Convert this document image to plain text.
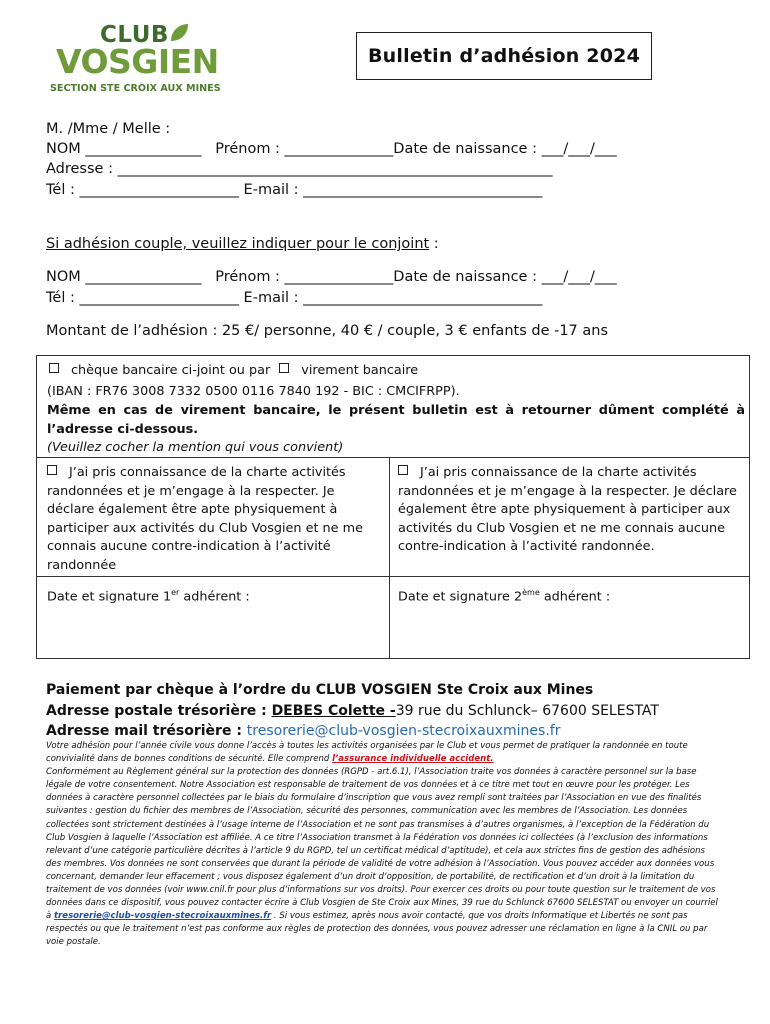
CLUB
VOSGIEN
SECTION STE CROIX AUX MINES
Bulletin d’adhésion 2024
M. /Mme / Melle :
NOM ________________   Prénom : _______________Date de naissance : ___/___/___
Adresse : ____________________________________________________________
Tél : ______________________ E-mail : _________________________________
Si adhésion couple, veuillez indiquer pour le conjoint :
NOM ________________   Prénom : _______________Date de naissance : ___/___/___
Tél : ______________________ E-mail : _________________________________
Montant de l’adhésion : 25 €/ personne, 40 € / couple, 3 € enfants de -17 ans
chèque bancaire ci-joint ou par virement bancaire
(IBAN : FR76 3008 7332 0500 0116 7840 192 - BIC : CMCIFRPP).
Même en cas de virement bancaire, le présent bulletin est à retourner dûment complété à l’adresse ci-dessous.
(Veuillez cocher la mention qui vous convient)
J’ai pris connaissance de la charte activités
randonnées et je m’engage à la respecter. Je déclare également être apte physiquement à participer aux activités du Club Vosgien et ne me connais aucune contre-indication à l’activité randonnée
J’ai pris connaissance de la charte activités
randonnées et je m’engage à la respecter. Je déclare également être apte physiquement à participer aux activités du Club Vosgien et ne me connais aucune contre-indication à l’activité randonnée.
Date et signature 1er adhérent :	Date et signature 2ème adhérent :
Paiement par chèque à l’ordre du CLUB VOSGIEN Ste Croix aux Mines
Adresse postale trésorière : DEBES Colette -39 rue du Schlunck– 67600 SELESTAT
Adresse mail trésorière : tresorerie@club-vosgien-stecroixauxmines.fr
Votre adhésion pour l’année civile vous donne l’accès à toutes les activités organisées par le Club et vous permet de pratiquer la randonnée en toute convivialité dans de bonnes conditions de sécurité. Elle comprend l’assurance individuelle accident.
Conformément au Règlement général sur la protection des données (RGPD - art.6.1), l’Association traite vos données à caractère personnel sur la base légale de votre consentement. Notre Association est responsable de traitement de vos données et à ce titre met tout en œuvre pour les protéger. Les données à caractère personnel collectées par le biais du formulaire d’inscription que vous avez rempli sont traitées par l’Association en vue des finalités suivantes : gestion du fichier des membres de l’Association, sécurité des personnes, communication avec les membres de l’Association. Les données collectées sont strictement destinées à l’usage interne de l’Association et ne sont pas transmises à d’autres organismes, à l’exception de la Fédération du Club Vosgien à laquelle l’Association est affiliée. A ce titre l’Association transmet à la Fédération vos données ici collectées (à l’exclusion des informations relevant d’une catégorie particulière décrites à l’article 9 du RGPD, tel un certificat médical d’aptitude), et cela aux strictes fins de gestion des adhésions des membres. Vos données ne sont conservées que durant la période de validité de votre adhésion à l’Association. Vous pouvez accéder aux données vous concernant, demander leur effacement ; vous disposez également d’un droit d’opposition, de portabilité, de rectification et d’un droit à la limitation du traitement de vos données (voir www.cnil.fr pour plus d’informations sur vos droits). Pour exercer ces droits ou pour toute question sur le traitement de vos données dans ce dispositif, vous pouvez contacter écrire à Club Vosgien de Ste Croix aux Mines, 39 rue du Schlunck 67600 SELESTAT ou envoyer un courriel à tresorerie@club-vosgien-stecroixauxmines.fr . Si vous estimez, après nous avoir contacté, que vos droits Informatique et Libertés ne sont pas respectés ou que le traitement n’est pas conforme aux règles de protection des données, vous pouvez adresser une réclamation en ligne à la CNIL ou par voie postale.
